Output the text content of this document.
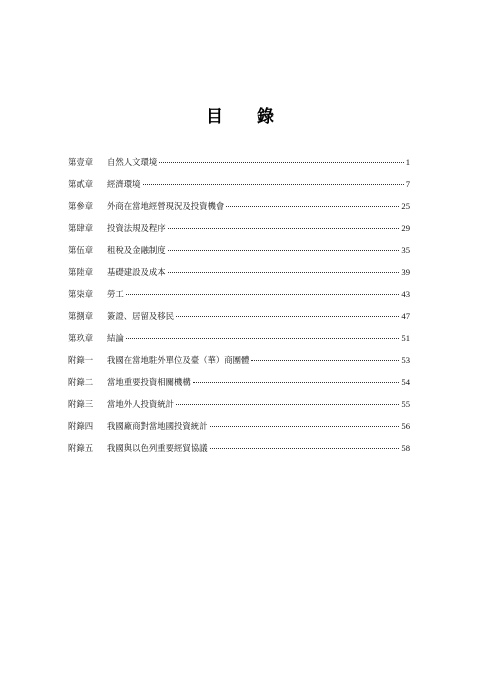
目 錄
第壹章	自然人文環境	1
第貳章	經濟環境	7
第參章	外商在當地經營現況及投資機會	25
第肆章	投資法規及程序	29
第伍章	租稅及金融制度	35
第陸章	基礎建設及成本	39
第柒章	勞工	43
第捌章	簽證、居留及移民	47
第玖章	結論	51
附錄一	我國在當地駐外單位及臺（華）商團體	53
附錄二	當地重要投資相關機構	54
附錄三	當地外人投資統計	55
附錄四	我國廠商對當地國投資統計	56
附錄五	我國與以色列重要經貿協議	58
